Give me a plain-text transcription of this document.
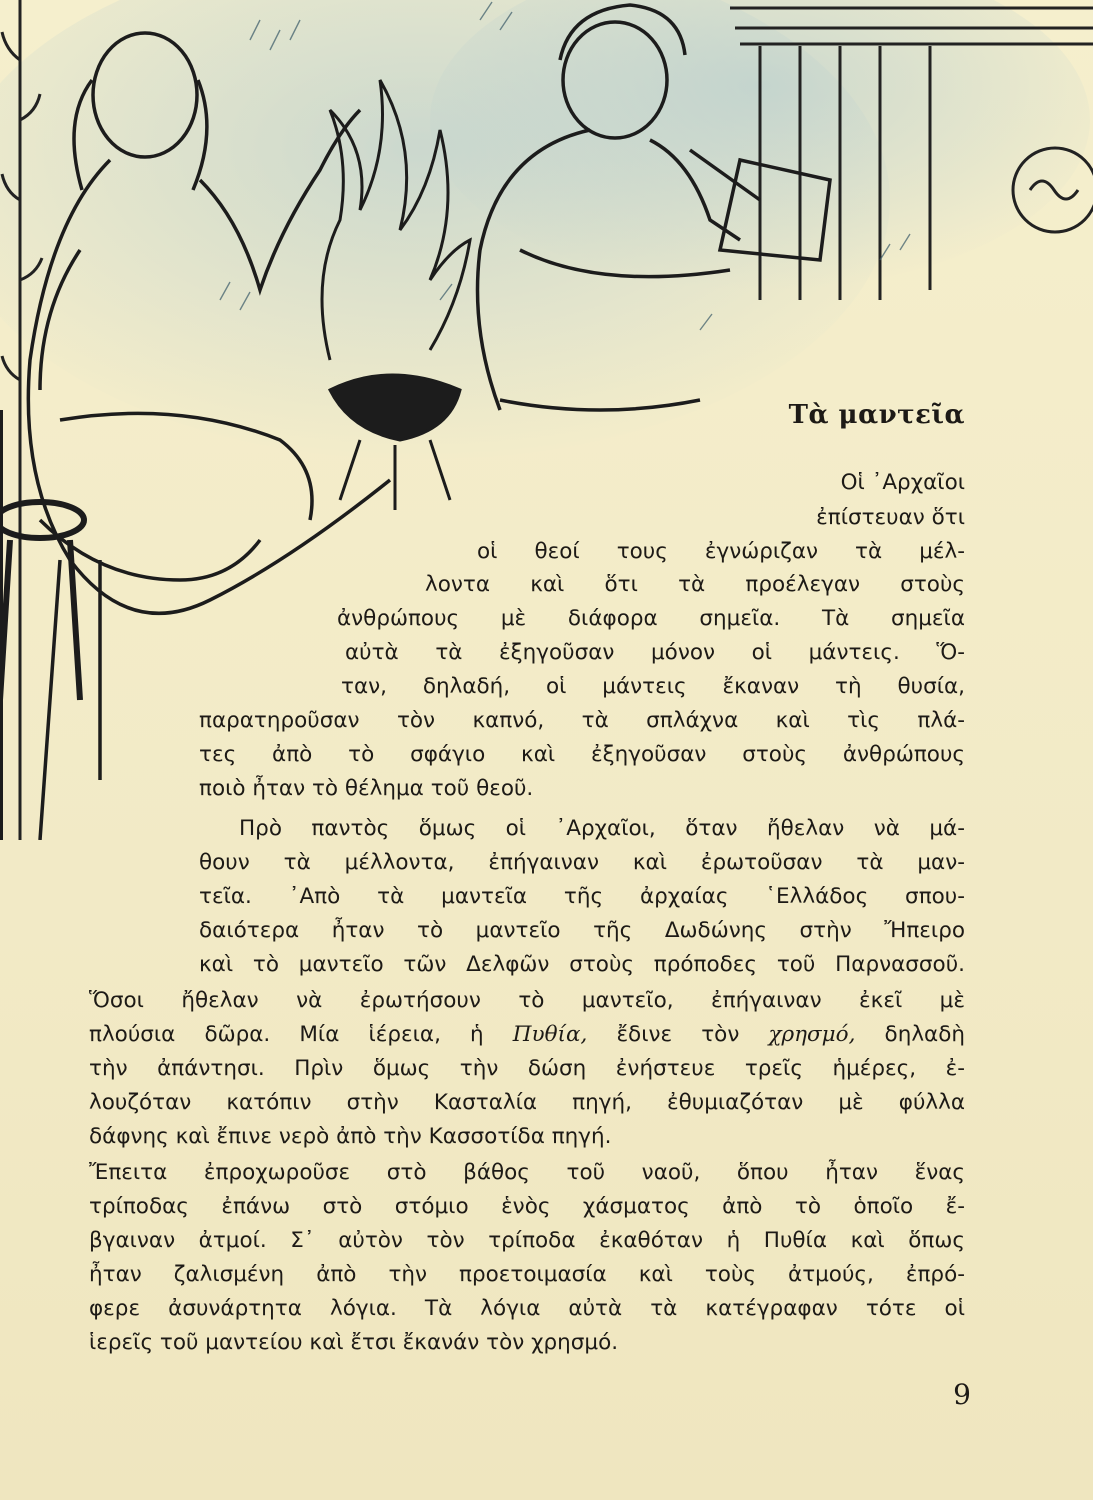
Τὰ μαντεῖα
Οἱ ᾿Αρχαῖοι
ἐπίστευαν ὅτι
οἱ θεοί τους ἐγνώριζαν τὰ μέλ-
λοντα καὶ ὅτι τὰ προέλεγαν στοὺς
ἀνθρώπους μὲ διάφορα σημεῖα. Τὰ σημεῖα
αὐτὰ τὰ ἐξηγοῦσαν μόνον οἱ μάντεις. Ὅ-
ταν, δηλαδή, οἱ μάντεις ἔκαναν τὴ θυσία,
παρατηροῦσαν τὸν καπνό, τὰ σπλάχνα καὶ τὶς πλά-
τες ἀπὸ τὸ σφάγιο καὶ ἐξηγοῦσαν στοὺς ἀνθρώπους
ποιὸ ἦταν τὸ θέλημα τοῦ θεοῦ.
Πρὸ παντὸς ὅμως οἱ ᾿Αρχαῖοι, ὅταν ἤθελαν νὰ μά-
θουν τὰ μέλλοντα, ἐπήγαιναν καὶ ἐρωτοῦσαν τὰ μαν-
τεῖα. ᾿Απὸ τὰ μαντεῖα τῆς ἀρχαίας ῾Ελλάδος σπου-
δαιότερα ἦταν τὸ μαντεῖο τῆς Δωδώνης στὴν Ἤπειρο
καὶ τὸ μαντεῖο τῶν Δελφῶν στοὺς πρόποδες τοῦ Παρνασσοῦ.
Ὅσοι ἤθελαν νὰ ἐρωτήσουν τὸ μαντεῖο, ἐπήγαιναν ἐκεῖ μὲ
πλούσια δῶρα. Μία ἱέρεια, ἡ Πυθία, ἔδινε τὸν χρησμό, δηλαδὴ
τὴν ἀπάντησι. Πρὶν ὅμως τὴν δώση ἐνήστευε τρεῖς ἡμέρες, ἐ-
λουζόταν κατόπιν στὴν Κασταλία πηγή, ἐθυμιαζόταν μὲ φύλλα
δάφνης καὶ ἔπινε νερὸ ἀπὸ τὴν Κασσοτίδα πηγή.
Ἔπειτα ἐπροχωροῦσε στὸ βάθος τοῦ ναοῦ, ὅπου ἦταν ἕνας
τρίποδας ἐπάνω στὸ στόμιο ἑνὸς χάσματος ἀπὸ τὸ ὁποῖο ἔ-
βγαιναν ἀτμοί. Σ᾿ αὐτὸν τὸν τρίποδα ἐκαθόταν ἡ Πυθία καὶ ὅπως
ἦταν ζαλισμένη ἀπὸ τὴν προετοιμασία καὶ τοὺς ἀτμούς, ἐπρό-
φερε ἀσυνάρτητα λόγια. Τὰ λόγια αὐτὰ τὰ κατέγραφαν τότε οἱ
ἱερεῖς τοῦ μαντείου καὶ ἔτσι ἔκανάν τὸν χρησμό.
9
